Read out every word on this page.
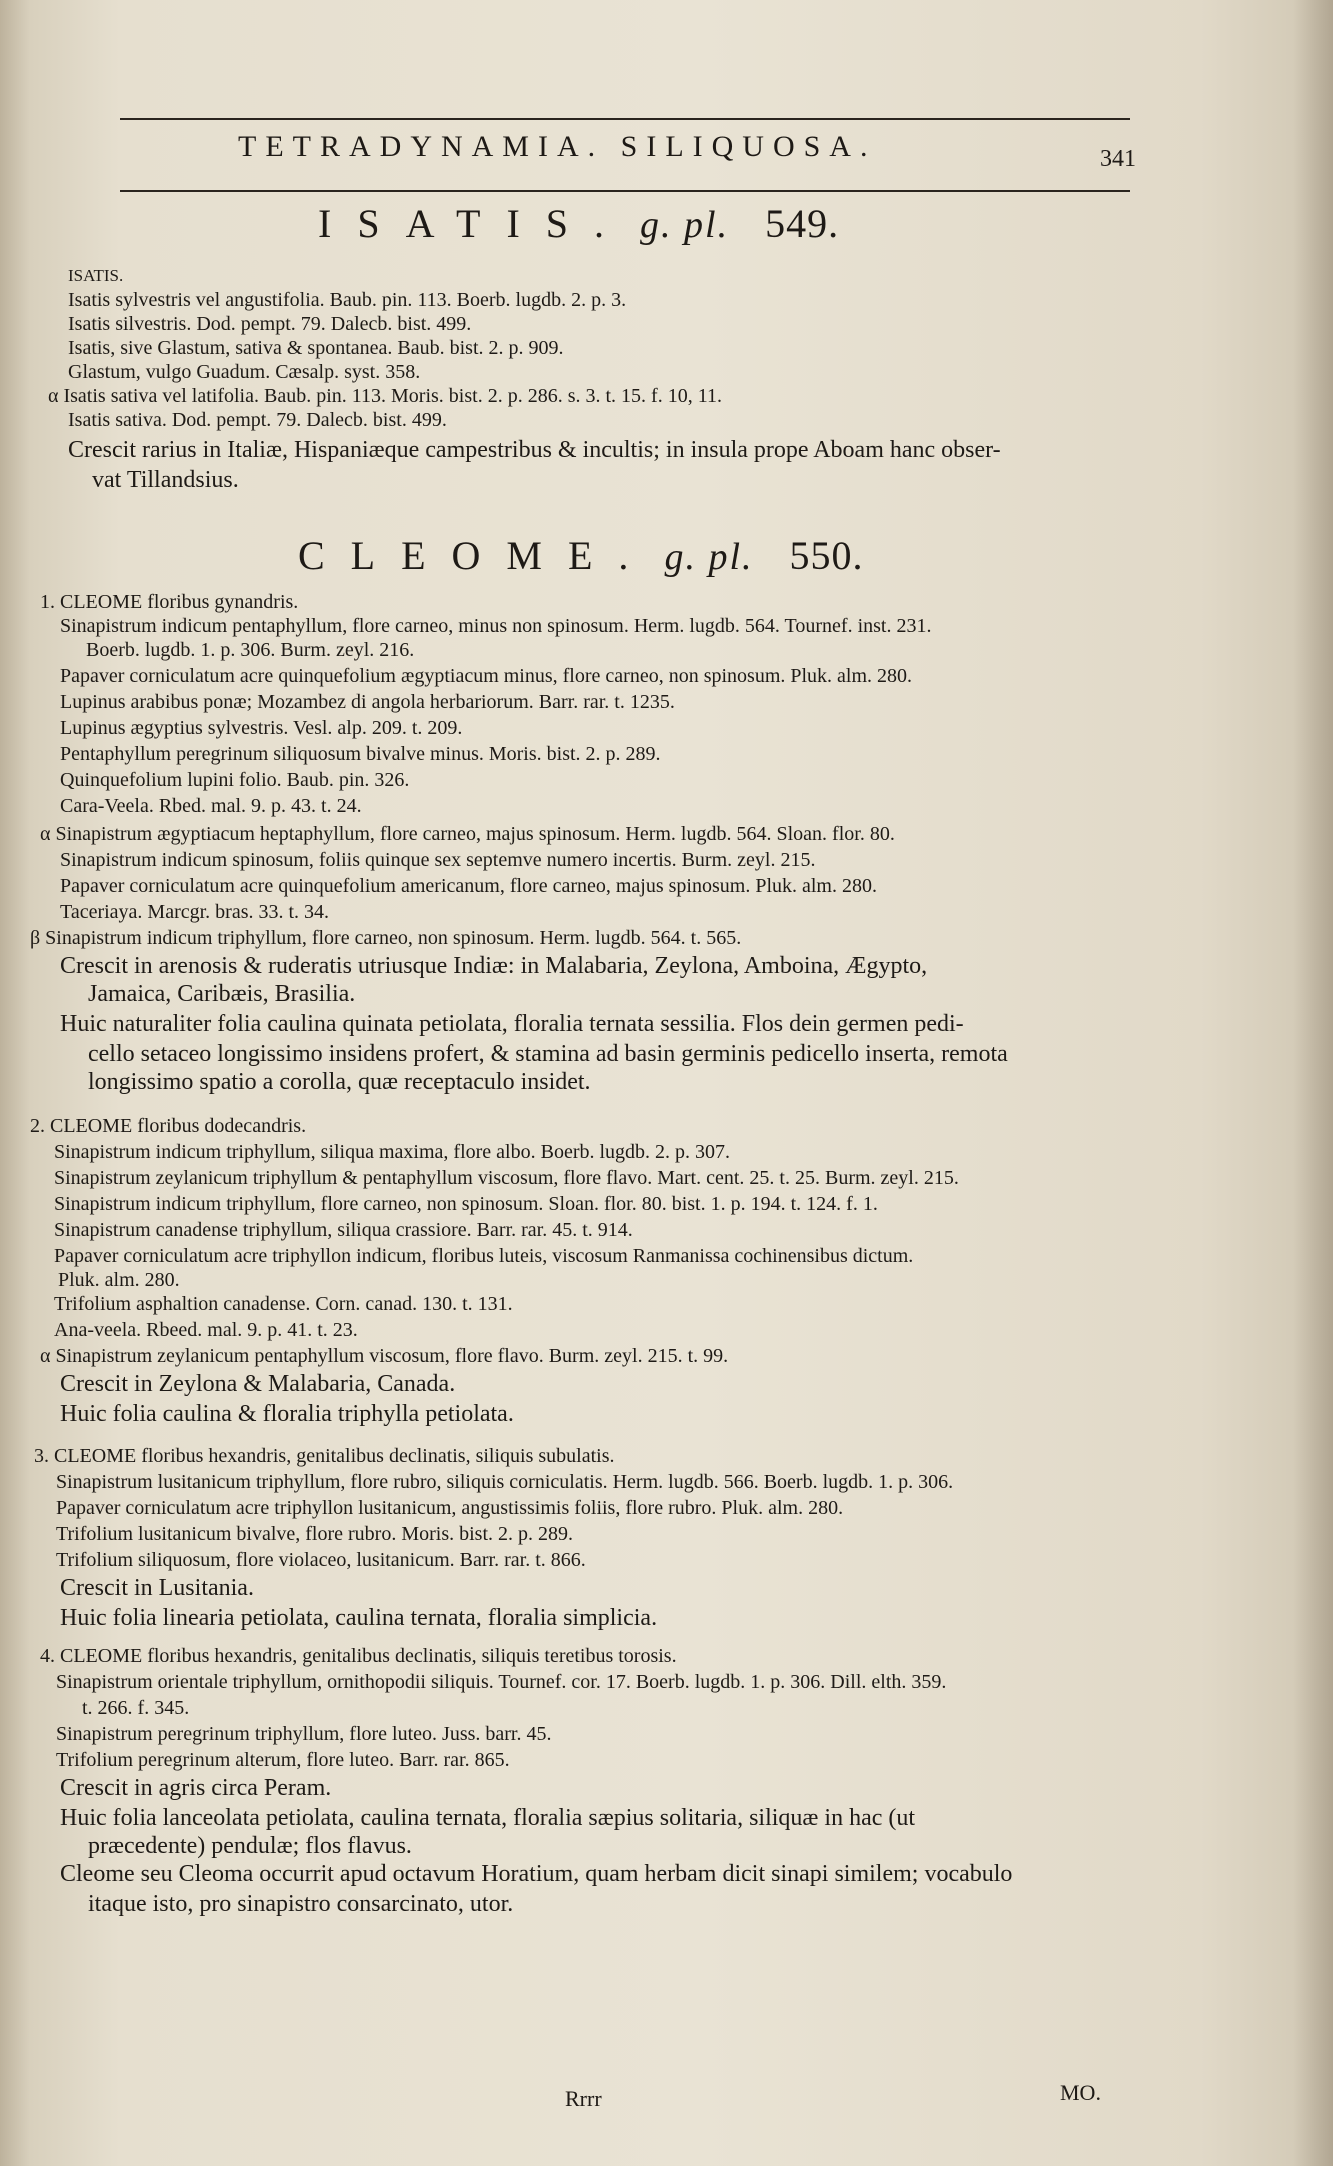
TETRADYNAMIA. SILIQUOSA.	341
ISATIS. g. pl. 549.
ISATIS.
Isatis sylvestris vel angustifolia. Baub. pin. 113. Boerb. lugdb. 2. p. 3.
Isatis silvestris. Dod. pempt. 79. Dalecb. bist. 499.
Isatis, sive Glastum, sativa & spontanea. Baub. bist. 2. p. 909.
Glastum, vulgo Guadum. Cæsalp. syst. 358.
α Isatis sativa vel latifolia. Baub. pin. 113. Moris. bist. 2. p. 286. s. 3. t. 15. f. 10, 11.
Isatis sativa. Dod. pempt. 79. Dalecb. bist. 499.
Crescit rarius in Italiæ, Hispaniæque campestribus & incultis; in insula prope Aboam hanc obser-
vat Tillandsius.
CLEOME. g. pl. 550.
1. CLEOME floribus gynandris.
Sinapistrum indicum pentaphyllum, flore carneo, minus non spinosum. Herm. lugdb. 564. Tournef. inst. 231.
Boerb. lugdb. 1. p. 306. Burm. zeyl. 216.
Papaver corniculatum acre quinquefolium ægyptiacum minus, flore carneo, non spinosum. Pluk. alm. 280.
Lupinus arabibus ponæ; Mozambez di angola herbariorum. Barr. rar. t. 1235.
Lupinus ægyptius sylvestris. Vesl. alp. 209. t. 209.
Pentaphyllum peregrinum siliquosum bivalve minus. Moris. bist. 2. p. 289.
Quinquefolium lupini folio. Baub. pin. 326.
Cara-Veela. Rbed. mal. 9. p. 43. t. 24.
α Sinapistrum ægyptiacum heptaphyllum, flore carneo, majus spinosum. Herm. lugdb. 564. Sloan. flor. 80.
Sinapistrum indicum spinosum, foliis quinque sex septemve numero incertis. Burm. zeyl. 215.
Papaver corniculatum acre quinquefolium americanum, flore carneo, majus spinosum. Pluk. alm. 280.
Taceriaya. Marcgr. bras. 33. t. 34.
β Sinapistrum indicum triphyllum, flore carneo, non spinosum. Herm. lugdb. 564. t. 565.
Crescit in arenosis & ruderatis utriusque Indiæ: in Malabaria, Zeylona, Amboina, Ægypto,
Jamaica, Caribæis, Brasilia.
Huic naturaliter folia caulina quinata petiolata, floralia ternata sessilia. Flos dein germen pedi-
cello setaceo longissimo insidens profert, & stamina ad basin germinis pedicello inserta, remota
longissimo spatio a corolla, quæ receptaculo insidet.
2. CLEOME floribus dodecandris.
Sinapistrum indicum triphyllum, siliqua maxima, flore albo. Boerb. lugdb. 2. p. 307.
Sinapistrum zeylanicum triphyllum & pentaphyllum viscosum, flore flavo. Mart. cent. 25. t. 25. Burm. zeyl. 215.
Sinapistrum indicum triphyllum, flore carneo, non spinosum. Sloan. flor. 80. bist. 1. p. 194. t. 124. f. 1.
Sinapistrum canadense triphyllum, siliqua crassiore. Barr. rar. 45. t. 914.
Papaver corniculatum acre triphyllon indicum, floribus luteis, viscosum Ranmanissa cochinensibus dictum.
Pluk. alm. 280.
Trifolium asphaltion canadense. Corn. canad. 130. t. 131.
Ana-veela. Rbeed. mal. 9. p. 41. t. 23.
α Sinapistrum zeylanicum pentaphyllum viscosum, flore flavo. Burm. zeyl. 215. t. 99.
Crescit in Zeylona & Malabaria, Canada.
Huic folia caulina & floralia triphylla petiolata.
3. CLEOME floribus hexandris, genitalibus declinatis, siliquis subulatis.
Sinapistrum lusitanicum triphyllum, flore rubro, siliquis corniculatis. Herm. lugdb. 566. Boerb. lugdb. 1. p. 306.
Papaver corniculatum acre triphyllon lusitanicum, angustissimis foliis, flore rubro. Pluk. alm. 280.
Trifolium lusitanicum bivalve, flore rubro. Moris. bist. 2. p. 289.
Trifolium siliquosum, flore violaceo, lusitanicum. Barr. rar. t. 866.
Crescit in Lusitania.
Huic folia linearia petiolata, caulina ternata, floralia simplicia.
4. CLEOME floribus hexandris, genitalibus declinatis, siliquis teretibus torosis.
Sinapistrum orientale triphyllum, ornithopodii siliquis. Tournef. cor. 17. Boerb. lugdb. 1. p. 306. Dill. elth. 359.
t. 266. f. 345.
Sinapistrum peregrinum triphyllum, flore luteo. Juss. barr. 45.
Trifolium peregrinum alterum, flore luteo. Barr. rar. 865.
Crescit in agris circa Peram.
Huic folia lanceolata petiolata, caulina ternata, floralia sæpius solitaria, siliquæ in hac (ut
præcedente) pendulæ; flos flavus.
Cleome seu Cleoma occurrit apud octavum Horatium, quam herbam dicit sinapi similem; vocabulo
itaque isto, pro sinapistro consarcinato, utor.
Rrrr	MO.
